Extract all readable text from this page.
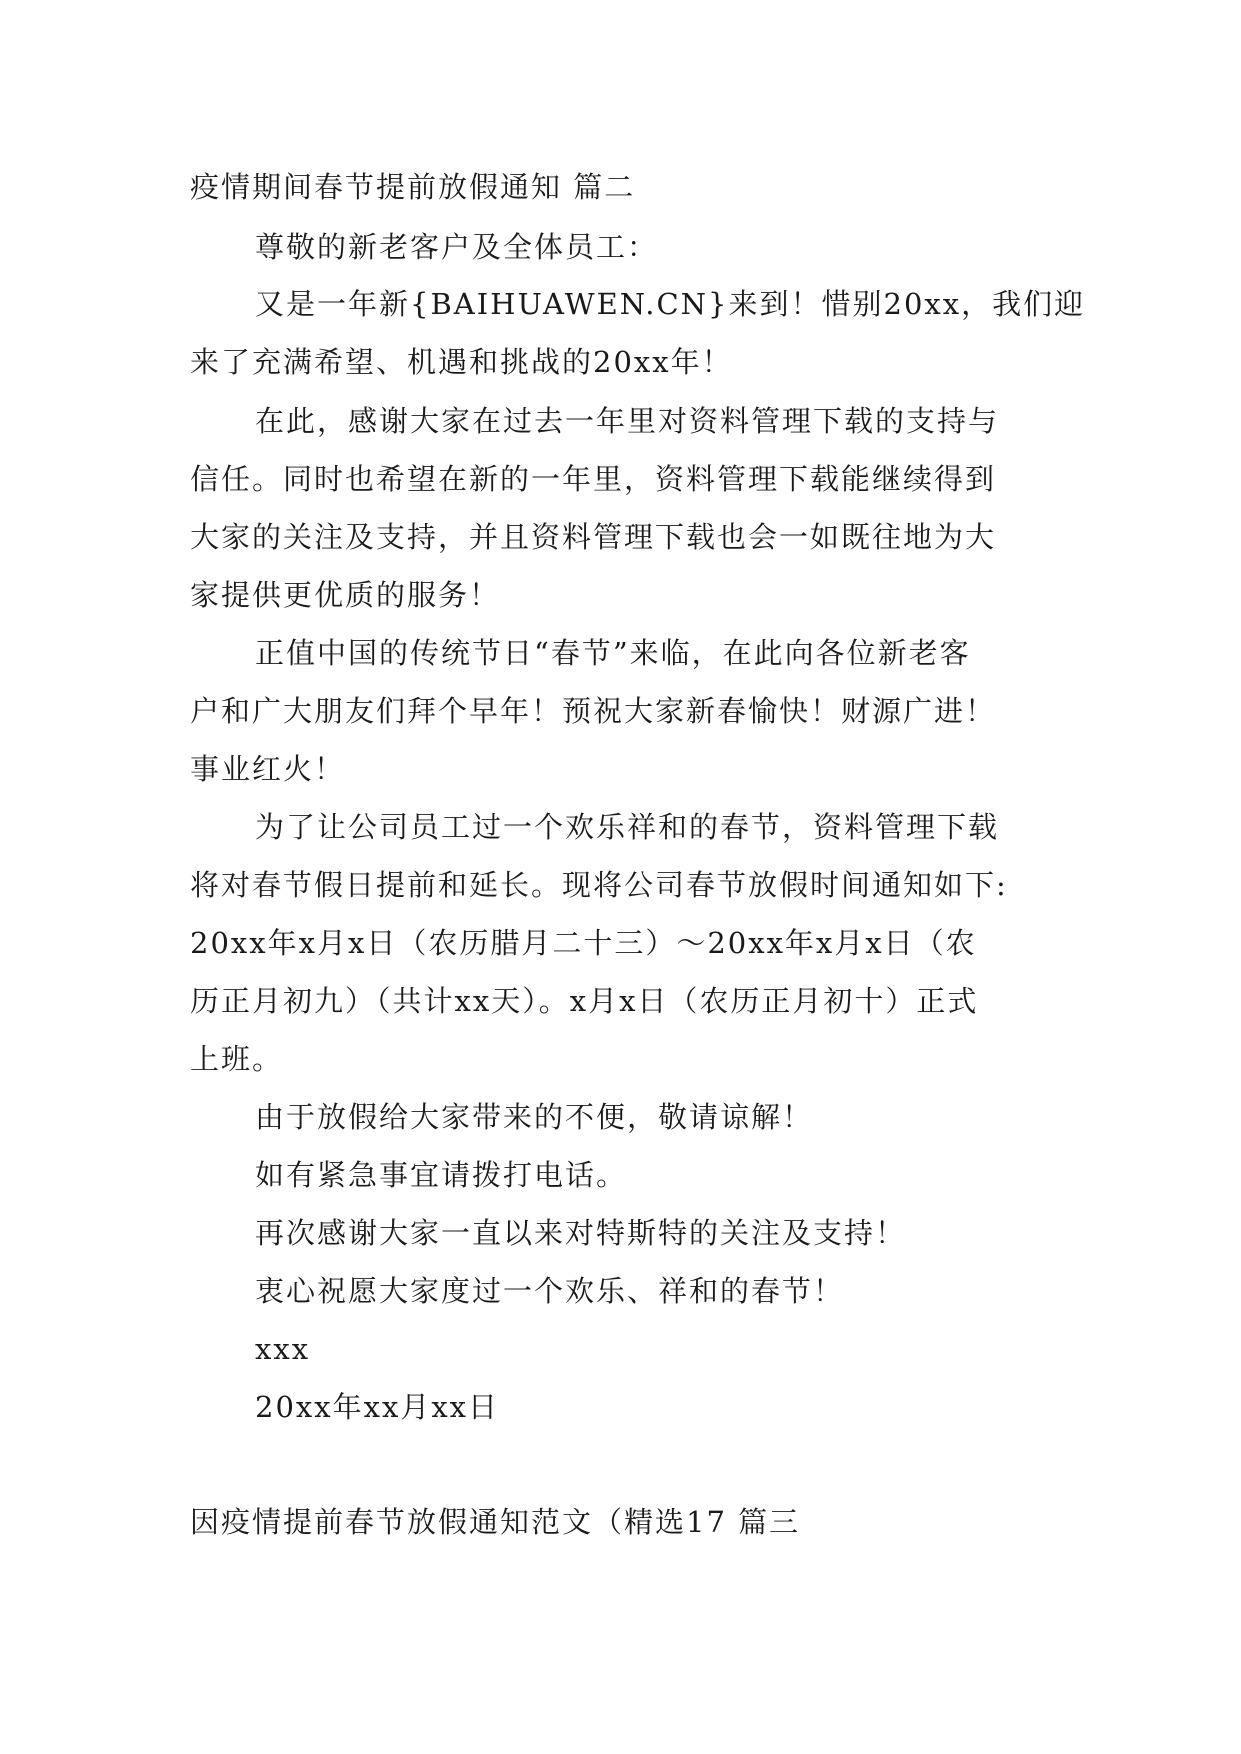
疫情期间春节提前放假通知 篇二
尊敬的新老客户及全体员工：
又是一年新{BAIHUAWEN.CN}来到！惜别20xx，我们迎
来了充满希望、机遇和挑战的20xx年！
在此，感谢大家在过去一年里对资料管理下载的支持与
信任。同时也希望在新的一年里，资料管理下载能继续得到
大家的关注及支持，并且资料管理下载也会一如既往地为大
家提供更优质的服务！
正值中国的传统节日“春节”来临，在此向各位新老客
户和广大朋友们拜个早年！预祝大家新春愉快！财源广进！
事业红火！
为了让公司员工过一个欢乐祥和的春节，资料管理下载
将对春节假日提前和延长。现将公司春节放假时间通知如下:
20xx年x月x日（农历腊月二十三）～20xx年x月x日（农
历正月初九）（共计xx天）。x月x日（农历正月初十）正式
上班。
由于放假给大家带来的不便，敬请谅解！
如有紧急事宜请拨打电话。
再次感谢大家一直以来对特斯特的关注及支持！
衷心祝愿大家度过一个欢乐、祥和的春节！
xxx
20xx年xx月xx日
因疫情提前春节放假通知范文（精选17 篇三
